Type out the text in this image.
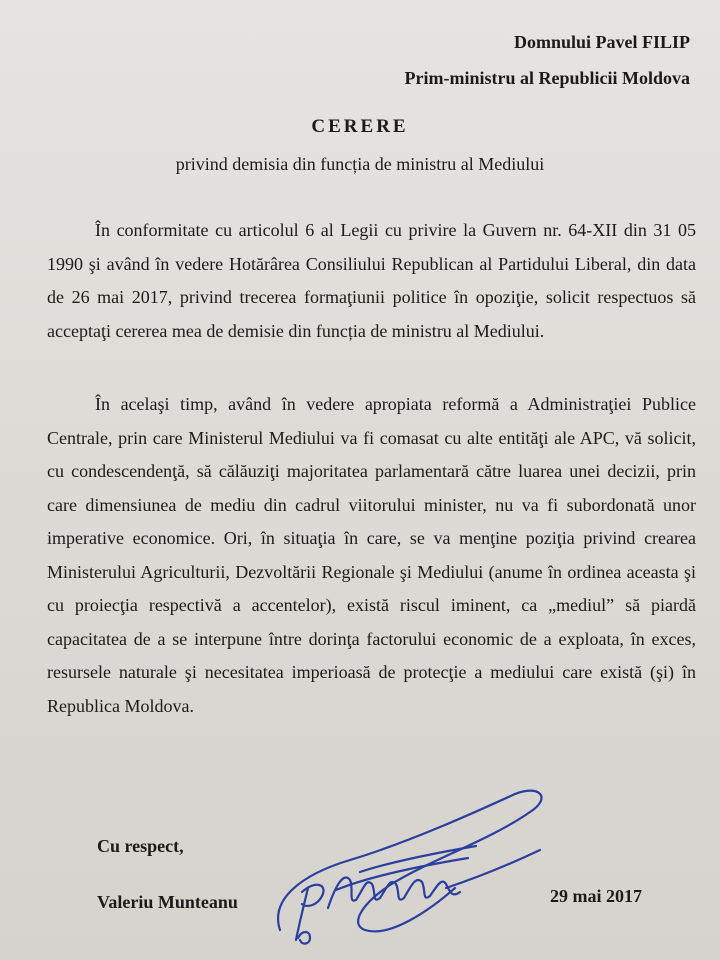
Domnului Pavel FILIP
Prim-ministru al Republicii Moldova
CERERE

privind demisia din funcția de ministru al Mediului

În conformitate cu articolul 6 al Legii cu privire la Guvern nr. 64-XII din 31 05 1990 şi având în vedere Hotărârea Consiliului Republican al Partidului Liberal, din data de 26 mai 2017, privind trecerea formaţiunii politice în opoziţie, solicit respectuos să acceptaţi cererea mea de demisie din funcția de ministru al Mediului.

În acelaşi timp, având în vedere apropiata reformă a Administraţiei Publice Centrale, prin care Ministerul Mediului va fi comasat cu alte entităţi ale APC, vă solicit, cu condescendenţă, să călăuziţi majoritatea parlamentară către luarea unei decizii, prin care dimensiunea de mediu din cadrul viitorului minister, nu va fi subordonată unor imperative economice. Ori, în situaţia în care, se va menţine poziţia privind crearea Ministerului Agriculturii, Dezvoltării Regionale şi Mediului (anume în ordinea aceasta şi cu proiecţia respectivă a accentelor), există riscul iminent, ca „mediul” să piardă capacitatea de a se interpune între dorinţa factorului economic de a exploata, în exces, resursele naturale şi necesitatea imperioasă de protecţie a mediului care există (şi) în Republica Moldova.

Cu respect,
Valeriu Munteanu	29 mai 2017
